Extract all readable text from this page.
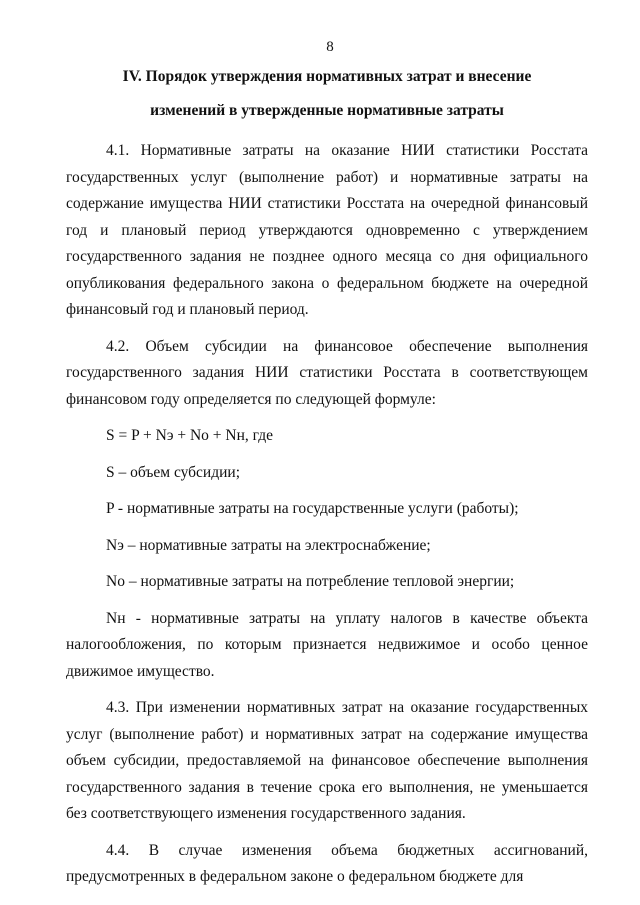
8
IV. Порядок утверждения нормативных затрат и внесение
изменений в утвержденные нормативные затраты

4.1. Нормативные затраты на оказание НИИ статистики Росстата государственных услуг (выполнение работ) и нормативные затраты на содержание имущества НИИ статистики Росстата на очередной финансовый год и плановый период утверждаются одновременно с утверждением государственного задания не позднее одного месяца со дня официального опубликования федерального закона о федеральном бюджете на очередной финансовый год и плановый период.

4.2. Объем субсидии на финансовое обеспечение выполнения государственного задания НИИ статистики Росстата в соответствующем финансовом году определяется по следующей формуле:

S = P + Nэ + No + Nн, где

S – объем субсидии;

P - нормативные затраты на государственные услуги (работы);

Nэ – нормативные затраты на электроснабжение;

No – нормативные затраты на потребление тепловой энергии;

Nн - нормативные затраты на уплату налогов в качестве объекта налогообложения, по которым признается недвижимое и особо ценное движимое имущество.

4.3. При изменении нормативных затрат на оказание государственных услуг (выполнение работ) и нормативных затрат на содержание имущества объем субсидии, предоставляемой на финансовое обеспечение выполнения государственного задания в течение срока его выполнения, не уменьшается без соответствующего изменения государственного задания.

4.4. В случае изменения объема бюджетных ассигнований, предусмотренных в федеральном законе о федеральном бюджете для
